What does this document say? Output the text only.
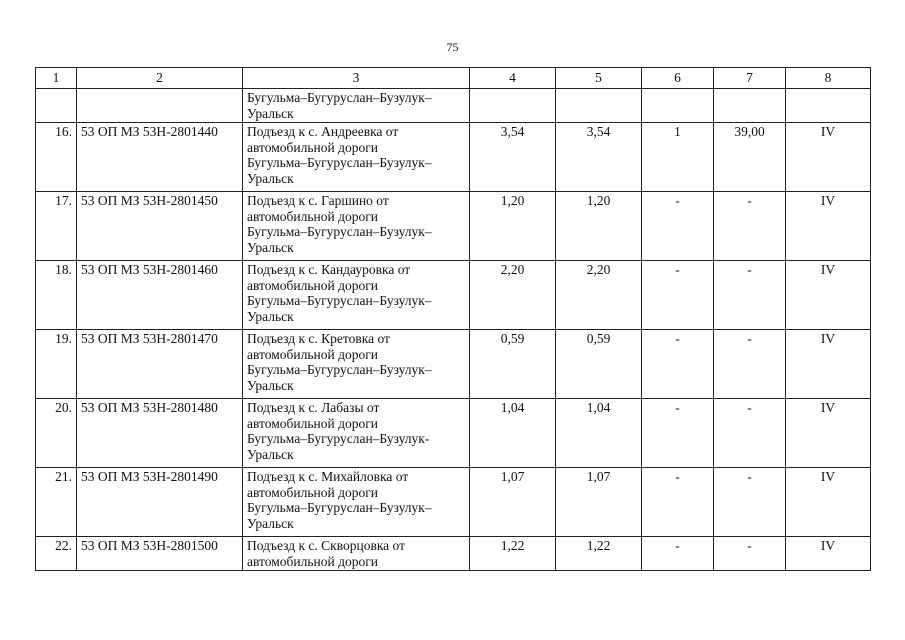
75
1	2	3	4	5	6	7	8

		Бугульма–Бугуруслан–Бузулук–
Уральск					

16.	53 ОП МЗ 53Н-2801440	Подъезд к с. Андреевка от
автомобильной дороги
Бугульма–Бугуруслан–Бузулук–
Уральск	3,54	3,54	1	39,00	IV
17.	53 ОП МЗ 53Н-2801450	Подъезд к с. Гаршино от
автомобильной дороги
Бугульма–Бугуруслан–Бузулук–
Уральск	1,20	1,20	-	-	IV
18.	53 ОП МЗ 53Н-2801460	Подъезд к с. Кандауровка от
автомобильной дороги
Бугульма–Бугуруслан–Бузулук–
Уральск	2,20	2,20	-	-	IV
19.	53 ОП МЗ 53Н-2801470	Подъезд к с. Кретовка от
автомобильной дороги
Бугульма–Бугуруслан–Бузулук–
Уральск	0,59	0,59	-	-	IV
20.	53 ОП МЗ 53Н-2801480	Подъезд к с. Лабазы от
автомобильной дороги
Бугульма–Бугуруслан–Бузулук-
Уральск	1,04	1,04	-	-	IV
21.	53 ОП МЗ 53Н-2801490	Подъезд к с. Михайловка от
автомобильной дороги
Бугульма–Бугуруслан–Бузулук–
Уральск	1,07	1,07	-	-	IV
22.	53 ОП МЗ 53Н-2801500	Подъезд к с. Скворцовка от
автомобильной дороги	1,22	1,22	-	-	IV
